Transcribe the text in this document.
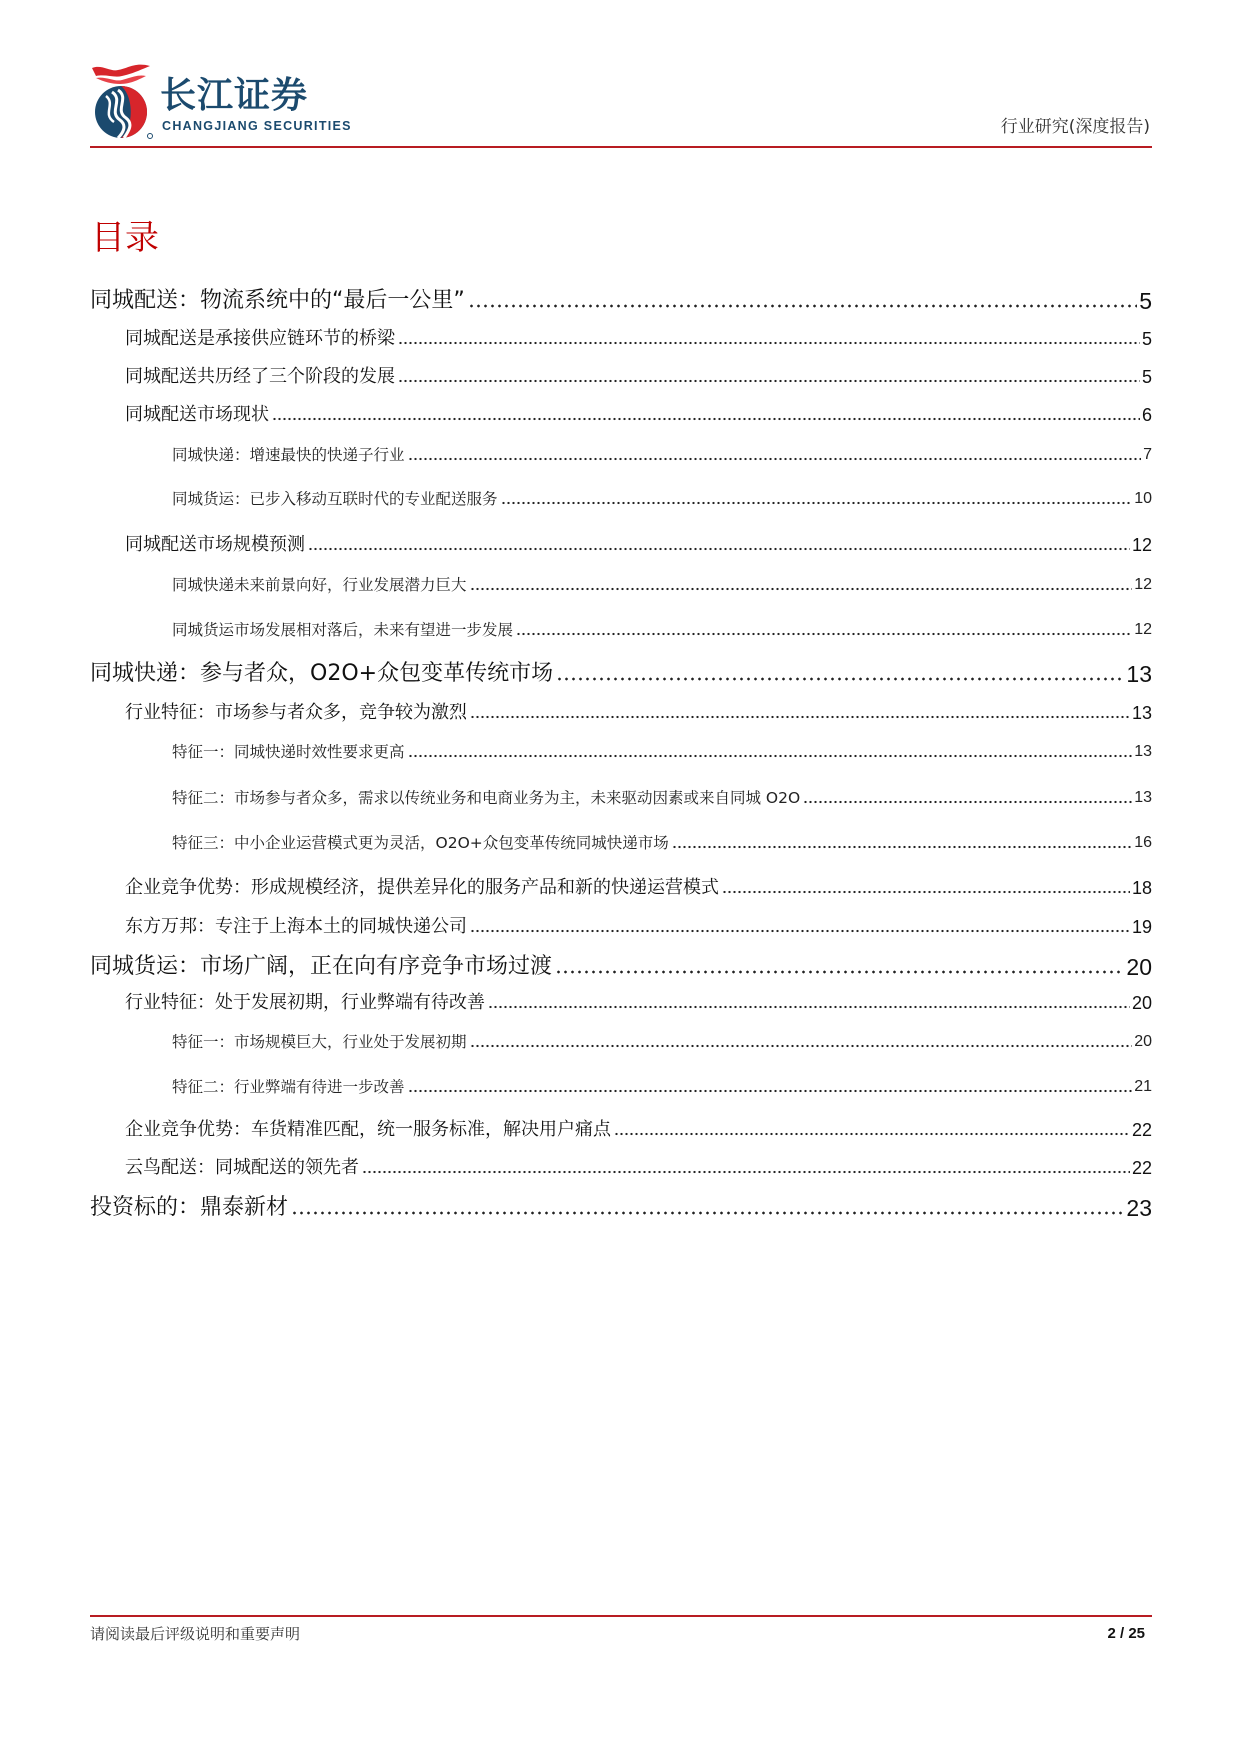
长江证券
CHANGJIANG SECURITIES	行业研究(深度报告)
目录
同城配送：物流系统中的“最后一公里”	5
同城配送是承接供应链环节的桥梁	5
同城配送共历经了三个阶段的发展	5
同城配送市场现状	6
同城快递：增速最快的快递子行业	7
同城货运：已步入移动互联时代的专业配送服务	10
同城配送市场规模预测	12
同城快递未来前景向好，行业发展潜力巨大	12
同城货运市场发展相对落后，未来有望进一步发展	12
同城快递：参与者众，O2O+众包变革传统市场	13
行业特征：市场参与者众多，竞争较为激烈	13
特征一：同城快递时效性要求更高	13
特征二：市场参与者众多，需求以传统业务和电商业务为主，未来驱动因素或来自同城 O2O	13
特征三：中小企业运营模式更为灵活，O2O+众包变革传统同城快递市场	16
企业竞争优势：形成规模经济，提供差异化的服务产品和新的快递运营模式	18
东方万邦：专注于上海本土的同城快递公司	19
同城货运：市场广阔，正在向有序竞争市场过渡	20
行业特征：处于发展初期，行业弊端有待改善	20
特征一：市场规模巨大，行业处于发展初期	20
特征二：行业弊端有待进一步改善	21
企业竞争优势：车货精准匹配，统一服务标准，解决用户痛点	22
云鸟配送：同城配送的领先者	22
投资标的：鼎泰新材	23
请阅读最后评级说明和重要声明	2 / 25
